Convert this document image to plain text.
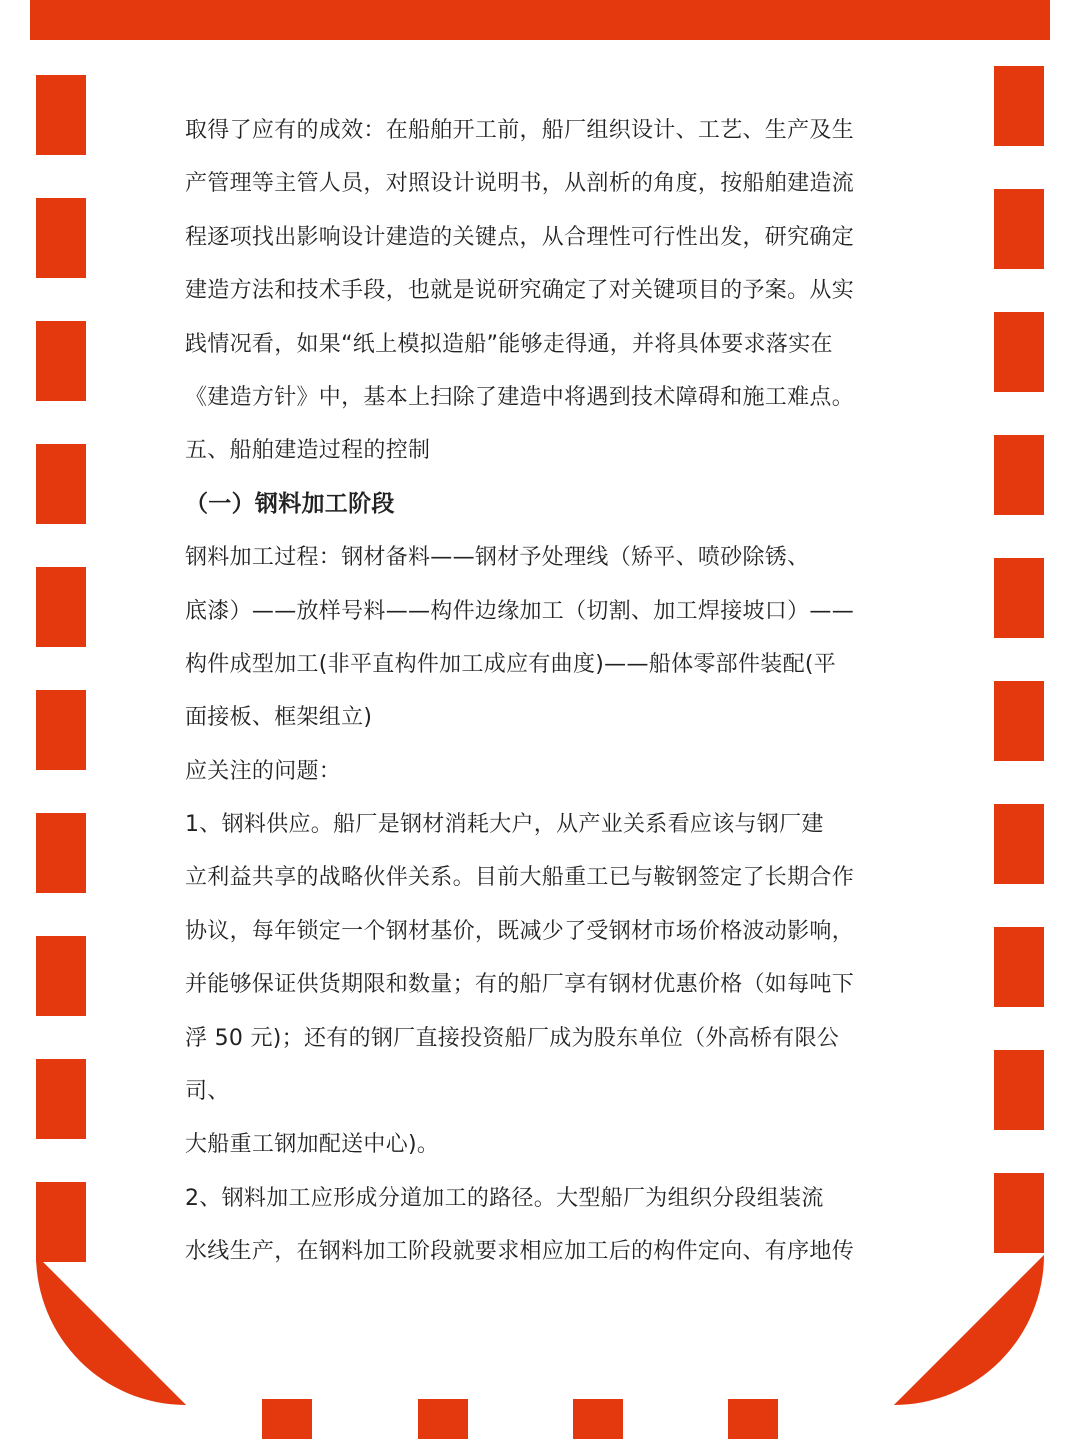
取得了应有的成效：在船舶开工前，船厂组织设计、工艺、生产及生
产管理等主管人员，对照设计说明书，从剖析的角度，按船舶建造流
程逐项找出影响设计建造的关键点，从合理性可行性出发，研究确定
建造方法和技术手段，也就是说研究确定了对关键项目的予案。从实
践情况看，如果“纸上模拟造船”能够走得通，并将具体要求落实在
《建造方针》中，基本上扫除了建造中将遇到技术障碍和施工难点。
五、船舶建造过程的控制
（一）钢料加工阶段
钢料加工过程：钢材备料——钢材予处理线（矫平、喷砂除锈、
底漆）——放样号料——构件边缘加工（切割、加工焊接坡口）——
构件成型加工(非平直构件加工成应有曲度)——船体零部件装配(平
面接板、框架组立)
应关注的问题：
1、钢料供应。船厂是钢材消耗大户，从产业关系看应该与钢厂建
立利益共享的战略伙伴关系。目前大船重工已与鞍钢签定了长期合作
协议，每年锁定一个钢材基价，既减少了受钢材市场价格波动影响，
并能够保证供货期限和数量；有的船厂享有钢材优惠价格（如每吨下
浮 50 元)；还有的钢厂直接投资船厂成为股东单位（外高桥有限公
司、
大船重工钢加配送中心)。
2、钢料加工应形成分道加工的路径。大型船厂为组织分段组装流
水线生产，在钢料加工阶段就要求相应加工后的构件定向、有序地传
